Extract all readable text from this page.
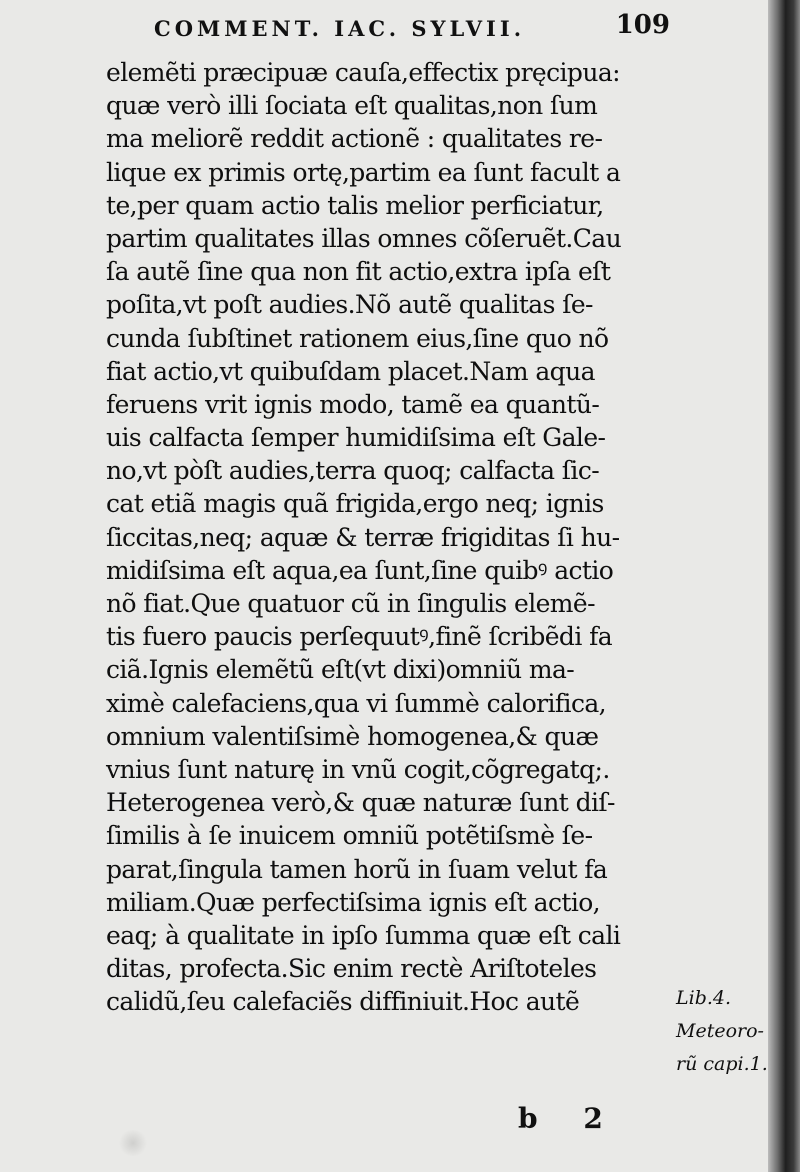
COMMENT. IAC. SYLVII.	109
elemẽti præcipuæ cauſa,effectix pręcipua:
quæ verò illi ſociata eſt qualitas,non ſum
ma meliorẽ reddit actionẽ : qualitates re-
lique ex primis ortę,partim ea ſunt facult a
te,per quam actio talis melior perficiatur,
partim qualitates illas omnes cõſeruẽt.Cau
ſa autẽ ſine qua non fit actio,extra ipſa eſt
poſita,vt poſt audies.Nõ autẽ qualitas ſe-
cunda ſubſtinet rationem eius,ſine quo nõ
fiat actio,vt quibuſdam placet.Nam aqua
feruens vrit ignis modo, tamẽ ea quantũ-
uis calfacta ſemper humidiſsima eſt Gale-
no,vt pòſt audies,terra quoq; calfacta ſic-
cat etiã magis quã frigida,ergo neq; ignis
ſiccitas,neq; aquæ & terræ frigiditas ſi hu-
midiſsima eſt aqua,ea ſunt,ſine quibꝰ actio
nõ fiat.Que quatuor cũ in ſingulis elemẽ-
tis fuero paucis perſequutꝰ,finẽ ſcribẽdi fa
ciã.Ignis elemẽtũ eſt(vt dixi)omniũ ma-
ximè calefaciens,qua vi ſummè calorifica,
omnium valentiſsimè homogenea,& quæ
vnius ſunt naturę in vnũ cogit,cõgregatq;.
Heterogenea verò,& quæ naturæ ſunt diſ-
ſimilis à ſe inuicem omniũ potẽtiſsmè ſe-
parat,ſingula tamen horũ in ſuam velut fa
miliam.Quæ perfectiſsima ignis eſt actio,
eaq; à qualitate in ipſo ſumma quæ eſt cali
ditas, profecta.Sic enim rectè Ariſtoteles
calidũ,ſeu calefaciẽs diffiniuit.Hoc autẽ	Lib.4.
Meteoro-
rũ capi.1.
b 2
